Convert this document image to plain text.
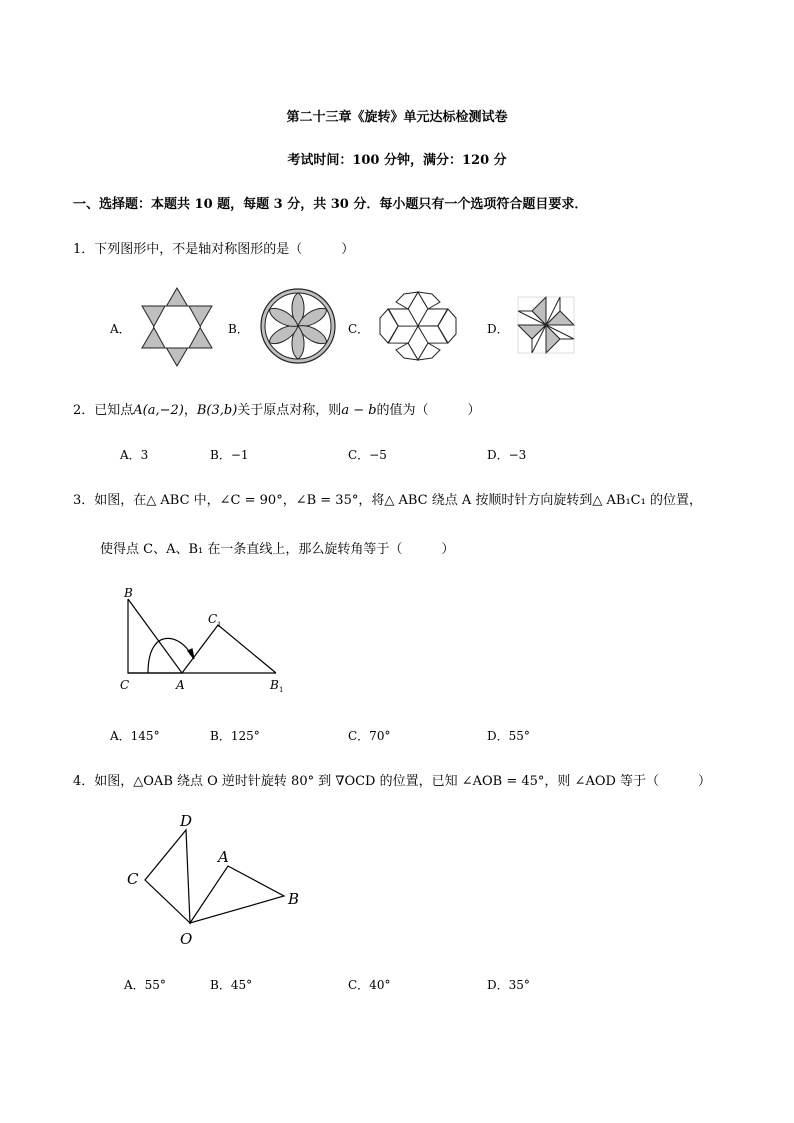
第二十三章《旋转》单元达标检测试卷
考试时间：100 分钟，满分：120 分
一、选择题：本题共 10 题，每题 3 分，共 30 分．每小题只有一个选项符合题目要求．
1．下列图形中，不是轴对称图形的是（　　　）
A．	B．	C．	D．
2．已知点A(a,−2)，B(3,b)关于原点对称，则a − b的值为（　　　）
A．3	B．−1	C．−5	D．−3
3．如图，在△ ABC 中，∠C = 90°，∠B = 35°，将△ ABC 绕点 A 按顺时针方向旋转到△ AB₁C₁ 的位置，
使得点 C、A、B₁ 在一条直线上，那么旋转角等于（　　　）
B
C 1
C	A	B 1
A．145°	B．125°	C．70°	D．55°
4．如图，△OAB 绕点 O 逆时针旋转 80° 到 ∇OCD 的位置，已知 ∠AOB = 45°，则 ∠AOD 等于（　　　）
D
A
C
B
O
A．55°	B．45°	C．40°	D．35°
